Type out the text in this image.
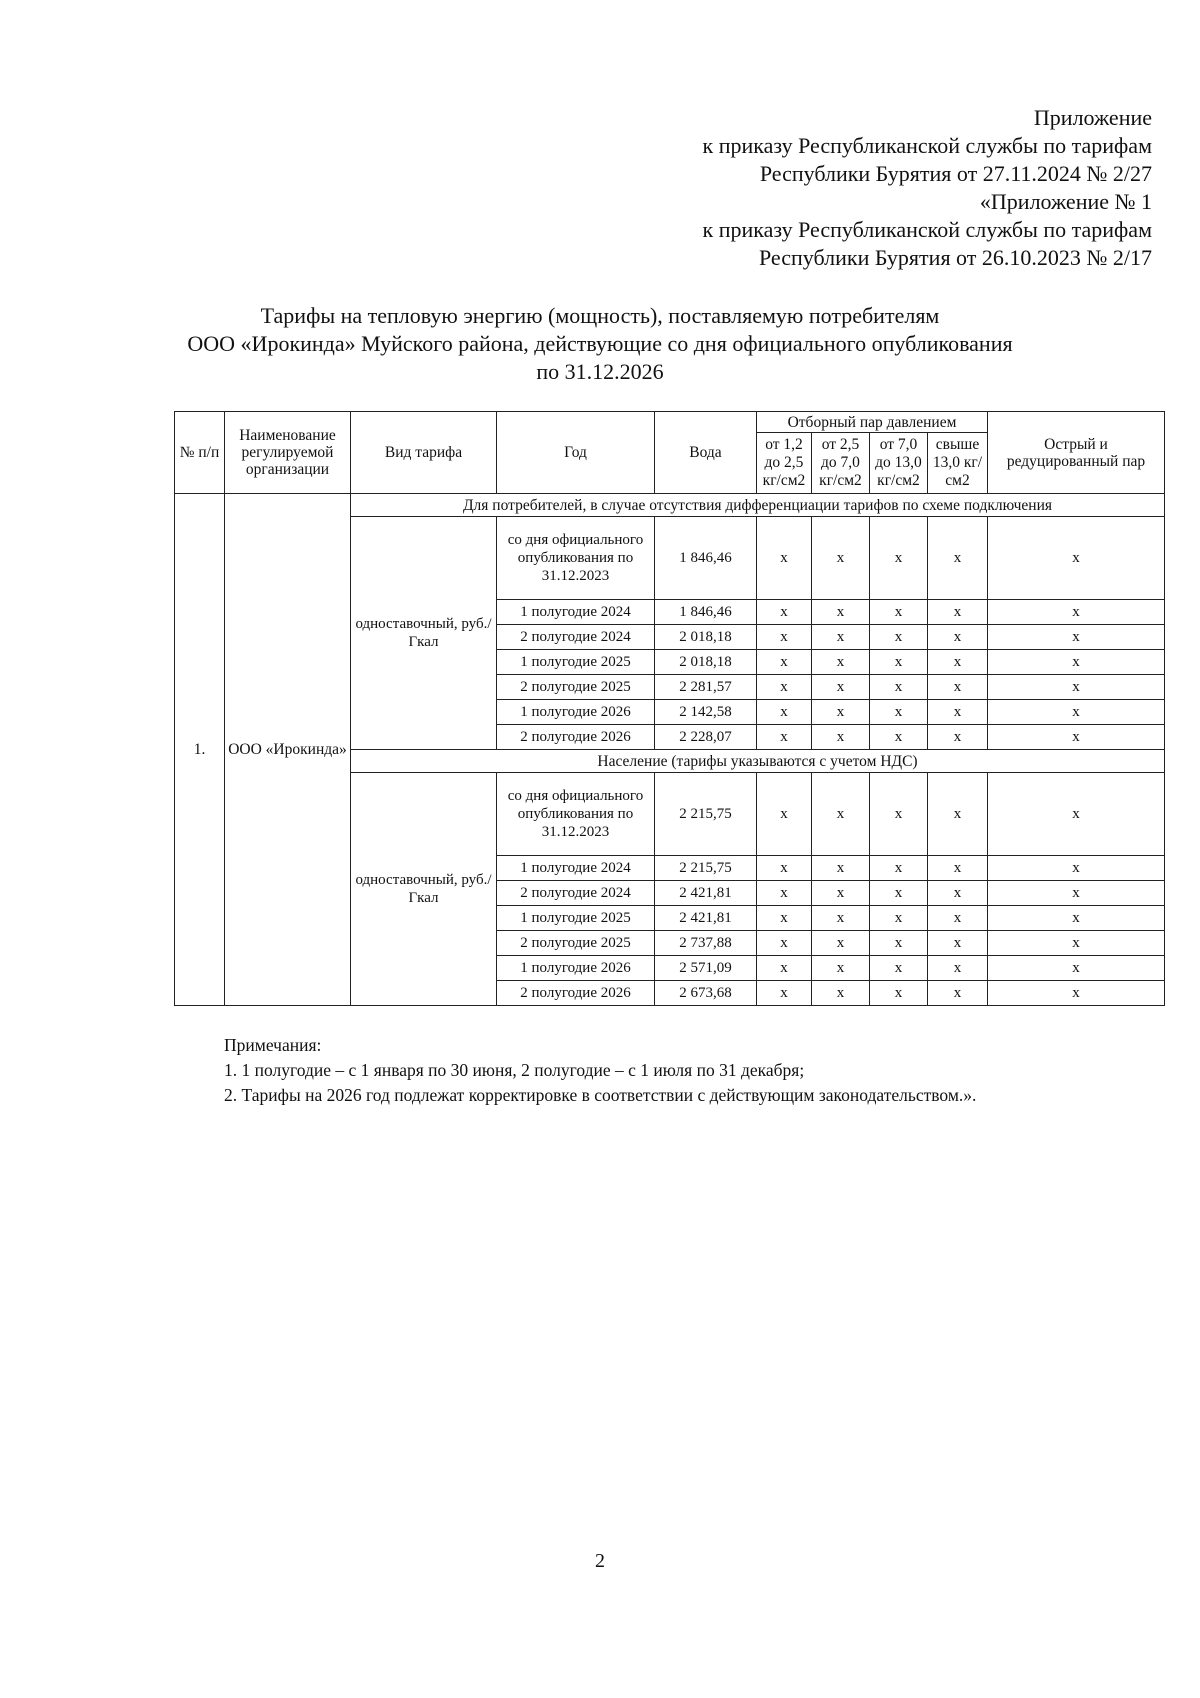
Приложение
к приказу Республиканской службы по тарифам
Республики Бурятия от 27.11.2024 № 2/27
«Приложение № 1
к приказу Республиканской службы по тарифам
Республики Бурятия от 26.10.2023 № 2/17
Тарифы на тепловую энергию (мощность), поставляемую потребителям
ООО «Ирокинда» Муйского района, действующие со дня официального опубликования
по 31.12.2026
№ п/п	Наименование регулируемой организации	Вид тарифа	Год	Вода	Отборный пар давлением				Острый и редуцированный пар
					от 1,2 до 2,5 кг/см2	от 2,5 до 7,0 кг/см2	от 7,0 до 13,0 кг/см2	свыше 13,0 кг/см2	
1.	ООО «Ирокинда»	Для потребителей, в случае отсутствия дифференциации тарифов по схеме подключения							
		одноставочный, руб./Гкал	со дня официального опубликования по 31.12.2023	1 846,46	х	х	х	х	х
			1 полугодие 2024	1 846,46	х	х	х	х	х
			2 полугодие 2024	2 018,18	х	х	х	х	х
			1 полугодие 2025	2 018,18	х	х	х	х	х
			2 полугодие 2025	2 281,57	х	х	х	х	х
			1 полугодие 2026	2 142,58	х	х	х	х	х
			2 полугодие 2026	2 228,07	х	х	х	х	х
		Население (тарифы указываются с учетом НДС)							
		одноставочный, руб./Гкал	со дня официального опубликования по 31.12.2023	2 215,75	х	х	х	х	х
			1 полугодие 2024	2 215,75	х	х	х	х	х
			2 полугодие 2024	2 421,81	х	х	х	х	х
			1 полугодие 2025	2 421,81	х	х	х	х	х
			2 полугодие 2025	2 737,88	х	х	х	х	х
			1 полугодие 2026	2 571,09	х	х	х	х	х
			2 полугодие 2026	2 673,68	х	х	х	х	х
Примечания:
1. 1 полугодие – с 1 января по 30 июня, 2 полугодие – с 1 июля по 31 декабря;
2. Тарифы на 2026 год подлежат корректировке в соответствии с действующим законодательством.».
2
